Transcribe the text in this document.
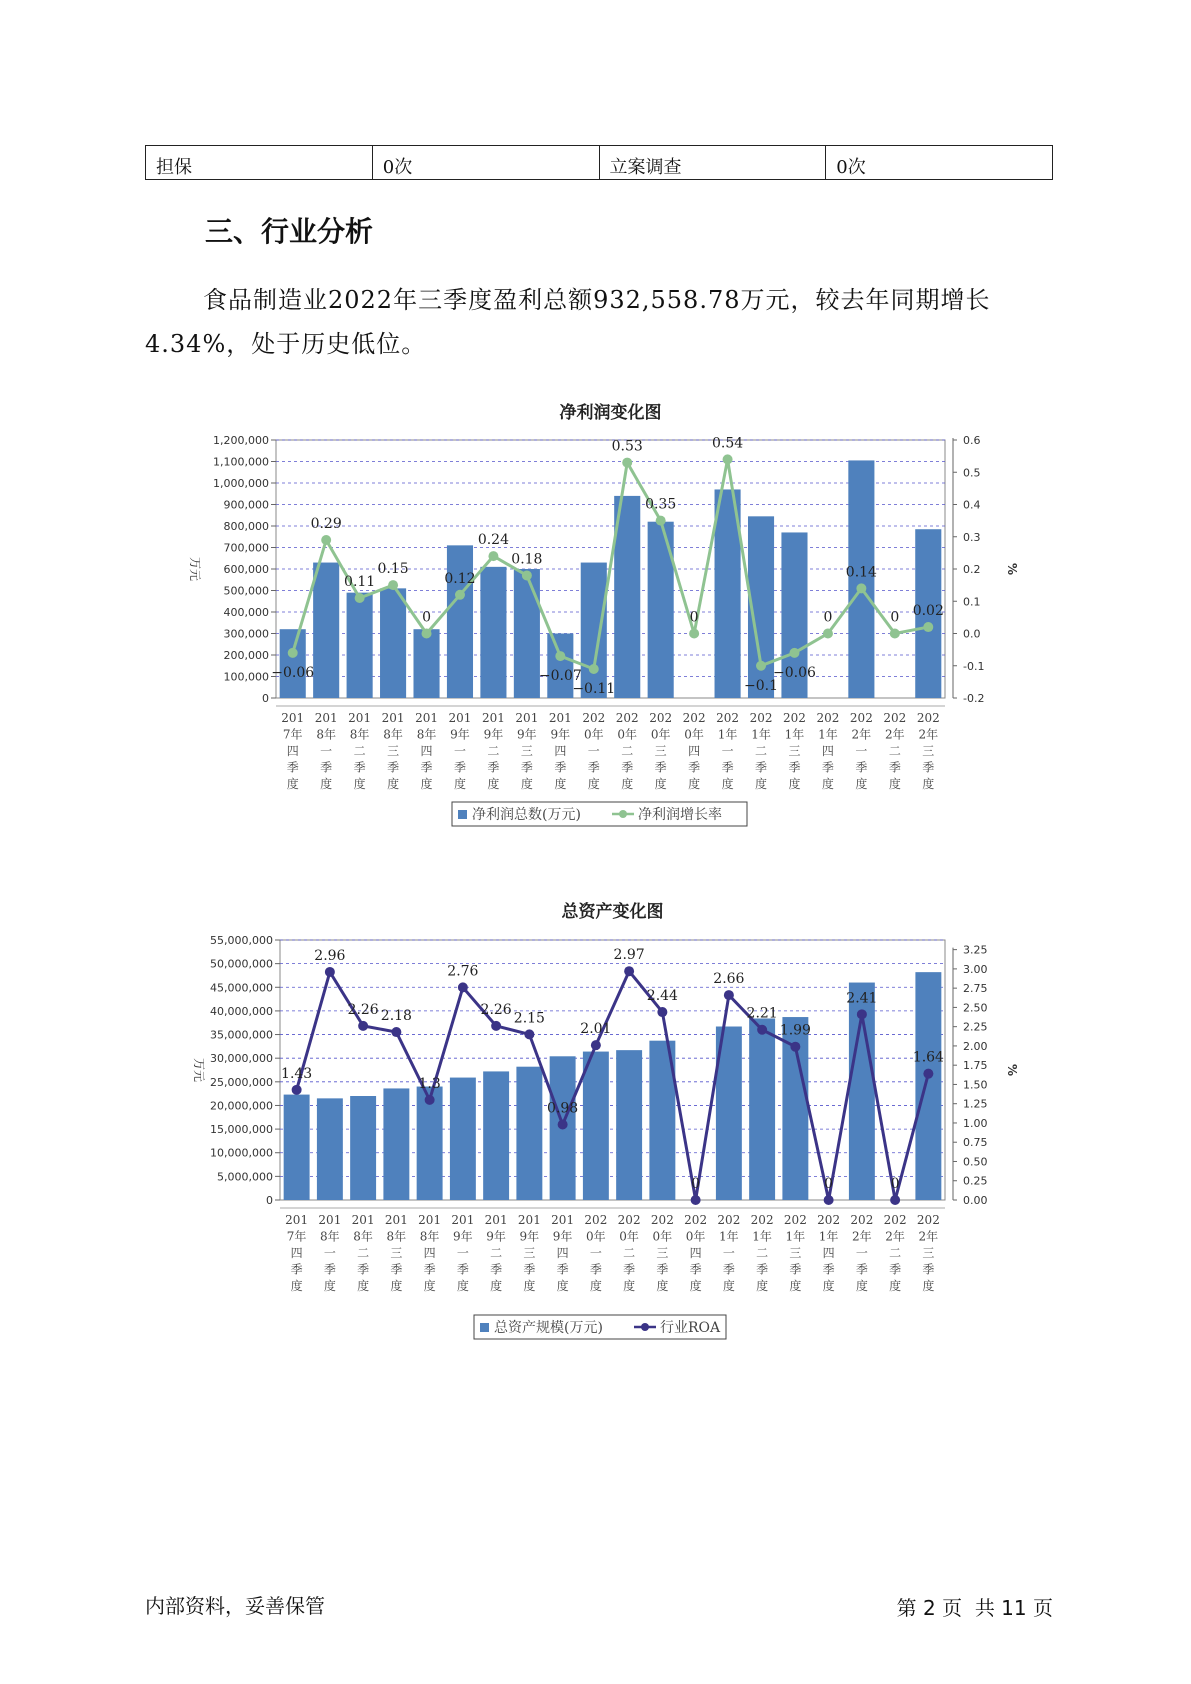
担保	0次	立案调查	0次
三、行业分析

食品制造业2022年三季度盈利总额932,558.78万元，较去年同期增长4.34%，处于历史低位。

净利润变化图
0
100,000
200,000
300,000
400,000
500,000
600,000
700,000
800,000
900,000
1,000,000
1,100,000
1,200,000
-0.2
-0.1
0.0
0.1
0.2
0.3
0.4
0.5
0.6
万元	%
−0.06
0.29
0.11
0.15
0
0.12
0.24
0.18
−0.07
−0.11
0.53
0.35
0
0.54
−0.1
−0.06
0
0.14
0 0.02
201
7年
四
季
度
201
8年
一
季
度
201
8年
二
季
度
201
8年
三
季
度
201
8年
四
季
度
201
9年
一
季
度
201
9年
二
季
度
201
9年
三
季
度
201
9年
四
季
度
202
0年
一
季
度
202
0年
二
季
度
202
0年
三
季
度
202
0年
四
季
度
202
1年
一
季
度
202
1年
二
季
度
202
1年
三
季
度
202
1年
四
季
度
202
2年
一
季
度
202
2年
二
季
度
202
2年
三
季
度
净利润总数(万元)	净利润增长率
总资产变化图
0
5,000,000
10,000,000
15,000,000
20,000,000
25,000,000
30,000,000
35,000,000
40,000,000
45,000,000
50,000,000
55,000,000
0.00
0.25
0.50
0.75
1.00
1.25
1.50
1.75
2.00
2.25
2.50
2.75
3.00
3.25
万元	%
1.43
2.96
2.26 2.18
1.3
2.76
2.26
2.15
0.98
2.01
2.97
2.44
0
2.66
2.21
1.99
0
2.41
0
1.64
201
7年
四
季
度
201
8年
一
季
度
201
8年
二
季
度
201
8年
三
季
度
201
8年
四
季
度
201
9年
一
季
度
201
9年
二
季
度
201
9年
三
季
度
201
9年
四
季
度
202
0年
一
季
度
202
0年
二
季
度
202
0年
三
季
度
202
0年
四
季
度
202
1年
一
季
度
202
1年
二
季
度
202
1年
三
季
度
202
1年
四
季
度
202
2年
一
季
度
202
2年
二
季
度
202
2年
三
季
度
总资产规模(万元)	行业ROA
内部资料，妥善保管	第 2 页  共 11 页
